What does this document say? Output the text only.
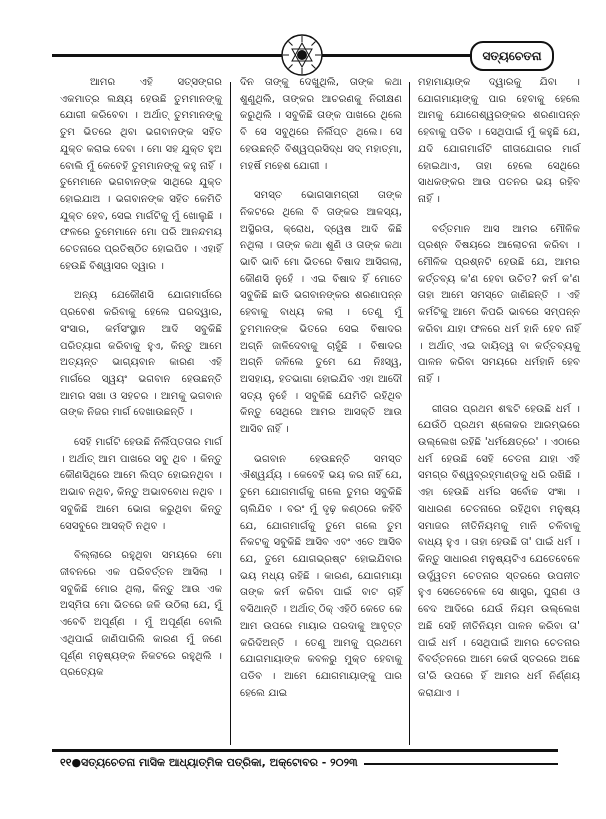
ସତ୍ୟଚେତନା

ଆମର ଏହି ସତ୍‌ସଙ୍ଗର ଏକମାତ୍ର ଲକ୍ଷ୍ୟ ହେଉଛି ତୁମମାନଙ୍କୁ ଯୋଗୀ କରିବେବା । ଅର୍ଥାତ୍ ତୁମମାନଙ୍କୁ ତୁମ ଭିତରେ ଥିବା ଭଗବାନଙ୍କ ସହିତ ଯୁକ୍ତ କରାଇ ଦେବା । ମୋ ସହ ଯୁକ୍ତ ହୁଅ ବୋଲି ମୁଁ କେବେହି ତୁମମାନଙ୍କୁ କହୁ ନାହିଁ । ତୁମେମାନେ ଭଗବାନଙ୍କ ସାଥିରେ ଯୁକ୍ତ ହୋଇଯାଅ । ଭଗବାନଙ୍କ ସହିତ କେମିତି ଯୁକ୍ତ ହେବ, ସେଇ ମାର୍ଗଟିକୁ ମୁଁ ଖୋଲୁଛି । ଫଳରେ ତୁମେମାନେ ମୋ ପରି ଆନନ୍ଦମୟ ଚେତନାରେ ପ୍ରତିଷ୍ଠିତ ହୋଇପିବ । ଏହାହିଁ ହେଉଛି ବିଶ୍ୱାସର ଦ୍ୱାର ।

ଅନ୍ୟ ଯେକୌଣସି ଯୋଗମାର୍ଗରେ ପ୍ରବେଶ କରିବାକୁ ହେଲେ ଘରଦ୍ୱାର, ସଂସାର, କର୍ମସଂସ୍ଥାନ ଆଦି ସବୁକିଛି ପରିତ୍ୟାଗ କରିବାକୁ ହୁଏ, କିନ୍ତୁ ଆମେ ଅତ୍ୟନ୍ତ ଭାଗ୍ୟବାନ କାରଣ ଏହି ମାର୍ଗରେ ସ୍ୱୟଂ ଭଗବାନ ହେଉଛନ୍ତି ଆମର ସଖା ଓ ସହଚର । ଆମକୁ ଭଗବାନ ତାଙ୍କ ନିଜର ମାର୍ଗ ଦେଖାଉଛନ୍ତି ।

ସେହି ମାର୍ଗଟି ହେଉଛି ନିର୍ଲିପ୍ତତାର ମାର୍ଗ । ଅର୍ଥାତ୍ ଆମ ପାଖରେ ସବୁ ଥିବ । କିନ୍ତୁ କୌଣସିଥିରେ ଆମେ ଲିପ୍ତ ହୋଇନଥିବା । ଅଭାବ ନଥିବ, କିନ୍ତୁ ଅଭାବବୋଧ ନଥିବ । ସବୁକିଛି ଆମେ ଭୋଗ କରୁଥିବା କିନ୍ତୁ ସେସବୁରେ ଆସକ୍ତି ନଥିବ ।

ବିଲ୍ଲାରେ ରହୁଥିବା ସମୟରେ ମୋ ଜୀବନରେ ଏକ ପରିବର୍ତ୍ତନ ଆସିଲା । ସବୁକିଛି ମୋର ଥିଲା, କିନ୍ତୁ ଆଉ ଏକ ଅସ୍ମିତା ମୋ ଭିତରେ ଜଳି ଉଠିଲା ଯେ, ମୁଁ ଏବେବି ଅପୂର୍ଣ୍ଣ । ମୁଁ ଅପୂର୍ଣ୍ଣ ବୋଲି ଏଥିପାଇଁ ଜାଣିପାରିଲି କାରଣ ମୁଁ ଜଣେ ପୂର୍ଣ୍ଣ ମନୁଷ୍ୟଙ୍କ ନିକଟରେ ରହୁଥିଲି । ପ୍ରତ୍ୟେକ

ଦିନ ତାଙ୍କୁ ଦେଖୁଥିଲି, ତାଙ୍କ କଥା ଶୁଣୁଥିଲି, ତାଙ୍କର ଆଚରଣକୁ ନିରୀକ୍ଷଣ କରୁଥିଲି । ସବୁକିଛି ତାଙ୍କ ପାଖରେ ଥିଲେ ବି ସେ ସବୁଥିରେ ନିର୍ଲିପ୍ତ ଥିଲେ। ସେ ହେଉଛନ୍ତି ବିଶ୍ୱପ୍ରସିଦ୍ଧ ସଦ୍ ମହାତ୍ମା, ମହର୍ଷି ମହେଶ ଯୋଗୀ ।

ସମସ୍ତ ଭୋଗସାମଗ୍ରୀ ତାଙ୍କ ନିକଟରେ ଥିଲେ ବି ତାଙ୍କର ଆଳସ୍ୟ, ଅସ୍ଥିରତା, କ୍ରୋଧ, ଦ୍ୱେଷ ଆଦି କିଛି ନଥିଲା । ତାଙ୍କ କଥା ଶୁଣି ଓ ତାଙ୍କ କଥା ଭାବି ଭାବି ମୋ ଭିତରେ ବିଷାଦ ଆସିଗଲା, କୌଣସି ନୁହେଁ । ଏଇ ବିଷାଦ ହିଁ ମୋତେ ସବୁକିଛି ଛାଡି ଭଗବାନଙ୍କର ଶରଣାପନ୍ନ ହେବାକୁ ବାଧ୍ୟ କଲା । ତେଣୁ ମୁଁ ତୁମମାନଙ୍କ ଭିତରେ ସେଇ ବିଷାଦର ଅଗ୍ନି ଜାଳିଦେବାକୁ ଚାହୁଁଛି । ବିଷାଦର ଅଗ୍ନି ଜଳିଲେ ତୁମେ ଯେ ନିଃସ୍ୱ, ଅସହାୟ, ହତଭାଗା ହୋଇଯିବ ଏହା ଆଦୌ ସତ୍ୟ ନୁହେଁ । ସବୁକିଛି ଯେମିତି ରହିଥିବ କିନ୍ତୁ ସେଥିରେ ଆମର ଆସକ୍ତି ଆଉ ଆସିବ ନାହିଁ ।

ଭଗବାନ ହେଉଛନ୍ତି ସମସ୍ତ ଐଶ୍ୱର୍ଯ୍ୟ । କେବେହି ଭୟ କର ନାହିଁ ଯେ, ତୁମେ ଯୋଗମାର୍ଗକୁ ଗଲେ ତୁମର ସବୁକିଛି ଚାଲିଯିବ । ବରଂ ମୁଁ ଦୃଢ଼ କଣ୍ଠରେ କହିବି ଯେ, ଯୋଗମାର୍ଗକୁ ତୁମେ ଗଲେ ତୁମ ନିକଟକୁ ସବୁକିଛି ଆସିବ ଏବଂ ଏତେ ଆସିବ ଯେ, ତୁମେ ଯୋଗଭ୍ରଷ୍ଟ ହୋଇଯିବାର ଭୟ ମଧ୍ୟ ରହିଛି । କାରଣ, ଯୋଗମାୟା ତାଙ୍କ କର୍ମ କରିବା ପାଇଁ ବାଟ ଚାହିଁ ବସିଥାନ୍ତି । ଅର୍ଥାତ୍ ଠିକ୍ ଏହିଠି କେତେ କେ ଆମ ଉପରେ ମାୟାର ପରଦାକୁ ଆବୃତ୍ତ କରିଦିଅନ୍ତି । ତେଣୁ ଆମକୁ ପ୍ରଥମେ ଯୋଗମାୟାଙ୍କ କବଳରୁ ମୁକ୍ତ ହେବାକୁ ପଡିବ । ଆମେ ଯୋଗମାୟାଙ୍କୁ ପାର ହେଲେ ଯାଇ

ମହାମାୟାଙ୍କ ଦ୍ୱାରକୁ ଯିବା । ଯୋଗମାୟାଙ୍କୁ ପାର ହେବାକୁ ହେଲେ ଆମକୁ ଯୋଗେଶ୍ୱରଙ୍କର ଶରଣାପନ୍ନ ହେବାକୁ ପଡିବ । ସେଥିପାଇଁ ମୁଁ କହୁଛି ଯେ, ଯଦି ଯୋଗମାର୍ଗଟି ଗୀତାଯୋଗର ମାର୍ଗ ହୋଇଥାଏ, ତାହା ହେଲେ ସେଥିରେ ସାଧକଙ୍କର ଆଉ ପତନର ଭୟ ରହିବ ନାହିଁ ।

ବର୍ତ୍ତମାନ ଆସ ଆମର ମୌଳିକ ପ୍ରଶ୍ନ ବିଷୟରେ ଆଲୋଚନା କରିବା । ମୌଳିକ ପ୍ରଶ୍ନଟି ହେଉଛି ଯେ, ଆମର କର୍ତ୍ତବ୍ୟ କ'ଣ ହେବା ଉଚିତ? କର୍ମ କ'ଣ ତାହା ଆମେ ସମସ୍ତେ ଜାଣିଛନ୍ତି । ଏହି କର୍ମଟିକୁ ଆମେ କିପରି ଭାବରେ ସମ୍ପନ୍ନ କରିବା ଯାହା ଫଳରେ ଧର୍ମ ହାନି ହେବ ନାହିଁ । ଅର୍ଥାତ୍ ଏଇ ଦାୟିତ୍ୱ ବା କର୍ତ୍ତବ୍ୟକୁ ପାଳନ କରିବା ସମୟରେ ଧର୍ମହାନି ହେବ ନାହିଁ ।

ଗୀତାର ପ୍ରଥମ ଶବ୍ଦଟି ହେଉଛି ଧର୍ମ । ଯେଉଁଠି ପ୍ରଥମ ଶ୍ଳୋକର ଆରମ୍ଭରେ ଉଲ୍ଲେଖ ରହିଛି 'ଧର୍ମକ୍ଷେତ୍ରେ' । ଏଠାରେ ଧର୍ମ ହେଉଛି ସେହି ଚେତନା ଯାହା ଏହି ସମଗ୍ର ବିଶ୍ୱବ୍ରହ୍ମାଣ୍ଡକୁ ଧରି ରଖିଛି । ଏହା ହେଉଛି ଧର୍ମର ସର୍ବୋଚ୍ଚ ସଂଜ୍ଞା । ସାଧାରଣ ଚେତନାରେ ରହିଥିବା ମନୁଷ୍ୟ ସମାଜର ନୀତିନିୟମକୁ ମାନି ଚଳିବାକୁ ବାଧ୍ୟ ହୁଏ । ତାହା ହେଉଛି ତା' ପାଇଁ ଧର୍ମ । କିନ୍ତୁ ସାଧାରଣ ମନୁଷ୍ୟଟିଏ ଯେତେବେଳେ ଉର୍ଦ୍ଧ୍ୱତମ ଚେତନାର ସ୍ତରରେ ଉପନୀତ ହୁଏ ସେତେବେଳେ ସେ ଶାସ୍ତ୍ର, ପୁରାଣ ଓ ବେଦ ଆଦିରେ ଯେଉଁ ନିୟମ ଉଲ୍ଲେଖ ଅଛି ସେହି ନୀତିନିୟମ ପାଳନ କରିବା ତା' ପାଇଁ ଧର୍ମ । ସେଥିପାଇଁ ଆମର ଚେତନାର ବିବର୍ତ୍ତନରେ ଆମେ କେଉଁ ସ୍ତରରେ ଅଛେ ତା'ରି ଉପରେ ହିଁ ଆମର ଧର୍ମ ନିର୍ଣ୍ଣୟ କରାଯାଏ ।

୧୧●ସତ୍ୟଚେତନା ମାସିକ ଆଧ୍ୟାତ୍ମିକ ପତ୍ରିକା, ଅକ୍ଟୋବର - ୨୦୨୩
